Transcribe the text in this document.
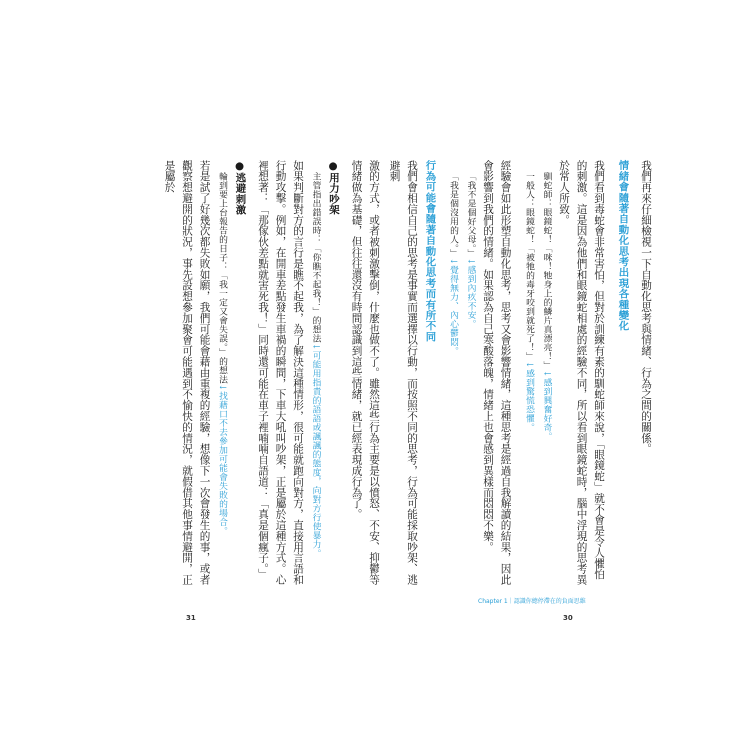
我們再來仔細檢視一下自動化思考與情緒、行為之間的關係。

情緒會隨著自動化思考出現各種變化

我們看到毒蛇會非常害怕，但對於訓練有素的馴蛇師來說，「眼鏡蛇」就不會是令人懼怕的刺激。這是因為他們和眼鏡蛇相處的經驗不同，所以看到眼鏡蛇時，腦中浮現的思考異於常人所致。

馴蛇師：眼鏡蛇！「咪！牠身上的鱗片真漂亮！」↓感到興奮好奇。

一般人：眼鏡蛇！「被牠的毒牙咬到就死了！」↓感到驚慌恐懼。

經驗會如此形塑自動化思考，思考又會影響情緒，這種思考是經過自我解讀的結果，因此會影響到我們的情緒。如果認為自己寒酸落魄，情緒上也會感到異樣而悶悶不樂。

「我不是個好父母。」↓感到內疚不安。

「我是個沒用的人。」↓覺得無力、內心鬱悶。

行為可能會隨著自動化思考而有所不同

我們會相信自己的思考是事實而選擇以行動，而按照不同的思考，行為可能採取吵架、逃避刺

激的方式，或者被刺激擊倒，什麼也做不了。雖然這些行為主要是以憤怒、不安、抑鬱等情緒做為基礎，但往往還沒有時間認識到這些情緒，就已經表現成行為了。

●用力吵架

主管指出錯誤時：「你瞧不起我！」的想法↓可能用指責的語語或諷諷的態度，向對方行使暴力。

如果判斷對方的言行是瞧不起我，為了解決這種情形，很可能就跑向對方，直接用言語和行動攻擊。例如，在開車差點發生車禍的瞬間，下車大吼叫吵架，正是屬於這種方式。心裡想著：「那傢伙差點就害死我！」同時還可能在車子裡喃喃自語道：「真是個瘋子。」

●逃避刺激

輪到要上台報告的日子：「我一定又會失誤。」的想法↓找藉口不去參加可能會失敗的場合。

若是試了好幾次都失敗如願，我們可能會藉由重複的經驗，想像下一次會發生的事，或者觀察想避開的狀況，事先設想參加聚會可能遇到不愉快的情況，就假借其他事情避開，正是屬於

Chapter 1｜認識你總停滯在的負面思維
30
31
